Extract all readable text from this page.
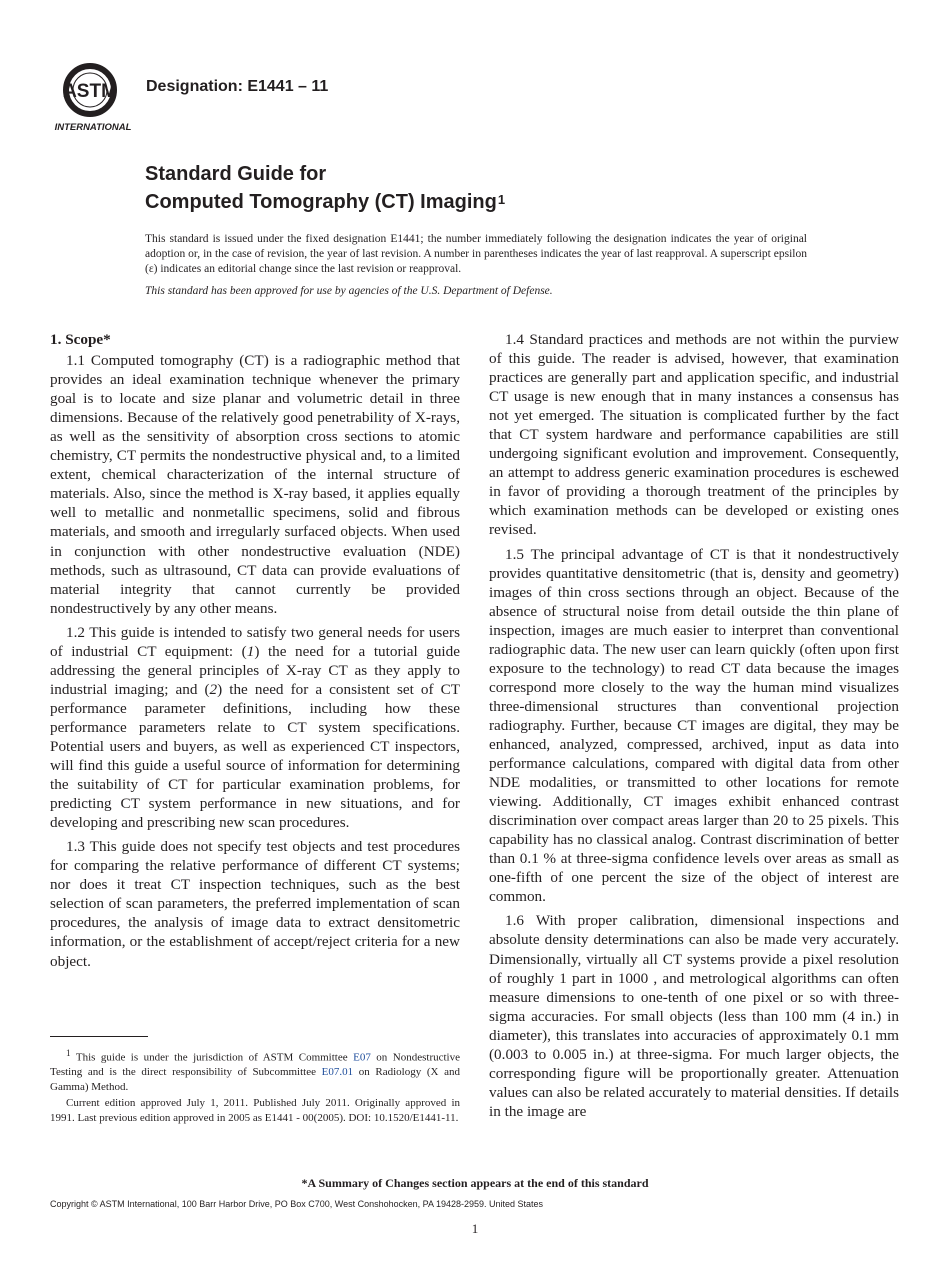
ASTM
INTERNATIONAL
Designation: E1441 – 11
Standard Guide for
Computed Tomography (CT) Imaging$^1$

This standard is issued under the fixed designation E1441; the number immediately following the designation indicates the year of original adoption or, in the case of revision, the year of last revision. A number in parentheses indicates the year of last reapproval. A superscript epsilon (ε) indicates an editorial change since the last revision or reapproval.

This standard has been approved for use by agencies of the U.S. Department of Defense.

1. Scope*

1.1 Computed tomography (CT) is a radiographic method that provides an ideal examination technique whenever the primary goal is to locate and size planar and volumetric detail in three dimensions. Because of the relatively good penetrability of X-rays, as well as the sensitivity of absorption cross sections to atomic chemistry, CT permits the nondestructive physical and, to a limited extent, chemical characterization of the internal structure of materials. Also, since the method is X-ray based, it applies equally well to metallic and nonmetallic specimens, solid and fibrous materials, and smooth and irregularly surfaced objects. When used in conjunction with other nondestructive evaluation (NDE) methods, such as ultrasound, CT data can provide evaluations of material integrity that cannot currently be provided nondestructively by any other means.

1.2 This guide is intended to satisfy two general needs for users of industrial CT equipment: (1) the need for a tutorial guide addressing the general principles of X-ray CT as they apply to industrial imaging; and (2) the need for a consistent set of CT performance parameter definitions, including how these performance parameters relate to CT system specifications. Potential users and buyers, as well as experienced CT inspectors, will find this guide a useful source of information for determining the suitability of CT for particular examination problems, for predicting CT system performance in new situations, and for developing and prescribing new scan procedures.

1.3 This guide does not specify test objects and test procedures for comparing the relative performance of different CT systems; nor does it treat CT inspection techniques, such as the best selection of scan parameters, the preferred implementation of scan procedures, the analysis of image data to extract densitometric information, or the establishment of accept/reject criteria for a new object.

1.4 Standard practices and methods are not within the purview of this guide. The reader is advised, however, that examination practices are generally part and application specific, and industrial CT usage is new enough that in many instances a consensus has not yet emerged. The situation is complicated further by the fact that CT system hardware and performance capabilities are still undergoing significant evolution and improvement. Consequently, an attempt to address generic examination procedures is eschewed in favor of providing a thorough treatment of the principles by which examination methods can be developed or existing ones revised.

1.5 The principal advantage of CT is that it nondestructively provides quantitative densitometric (that is, density and geometry) images of thin cross sections through an object. Because of the absence of structural noise from detail outside the thin plane of inspection, images are much easier to interpret than conventional radiographic data. The new user can learn quickly (often upon first exposure to the technology) to read CT data because the images correspond more closely to the way the human mind visualizes three-dimensional structures than conventional projection radiography. Further, because CT images are digital, they may be enhanced, analyzed, compressed, archived, input as data into performance calculations, compared with digital data from other NDE modalities, or transmitted to other locations for remote viewing. Additionally, CT images exhibit enhanced contrast discrimination over compact areas larger than 20 to 25 pixels. This capability has no classical analog. Contrast discrimination of better than 0.1 % at three-sigma confidence levels over areas as small as one-fifth of one percent the size of the object of interest are common.

1.6 With proper calibration, dimensional inspections and absolute density determinations can also be made very accurately. Dimensionally, virtually all CT systems provide a pixel resolution of roughly 1 part in 1000 , and metrological algorithms can often measure dimensions to one-tenth of one pixel or so with three-sigma accuracies. For small objects (less than 100 mm (4 in.) in diameter), this translates into accuracies of approximately 0.1 mm (0.003 to 0.005 in.) at three-sigma. For much larger objects, the corresponding figure will be proportionally greater. Attenuation values can also be related accurately to material densities. If details in the image are

$^1$ This guide is under the jurisdiction of ASTM Committee E07 on Nondestructive Testing and is the direct responsibility of Subcommittee E07.01 on Radiology (X and Gamma) Method.

Current edition approved July 1, 2011. Published July 2011. Originally approved in 1991. Last previous edition approved in 2005 as E1441 - 00(2005). DOI: 10.1520/E1441-11.

*A Summary of Changes section appears at the end of this standard
Copyright © ASTM International, 100 Barr Harbor Drive, PO Box C700, West Conshohocken, PA 19428-2959. United States
1
